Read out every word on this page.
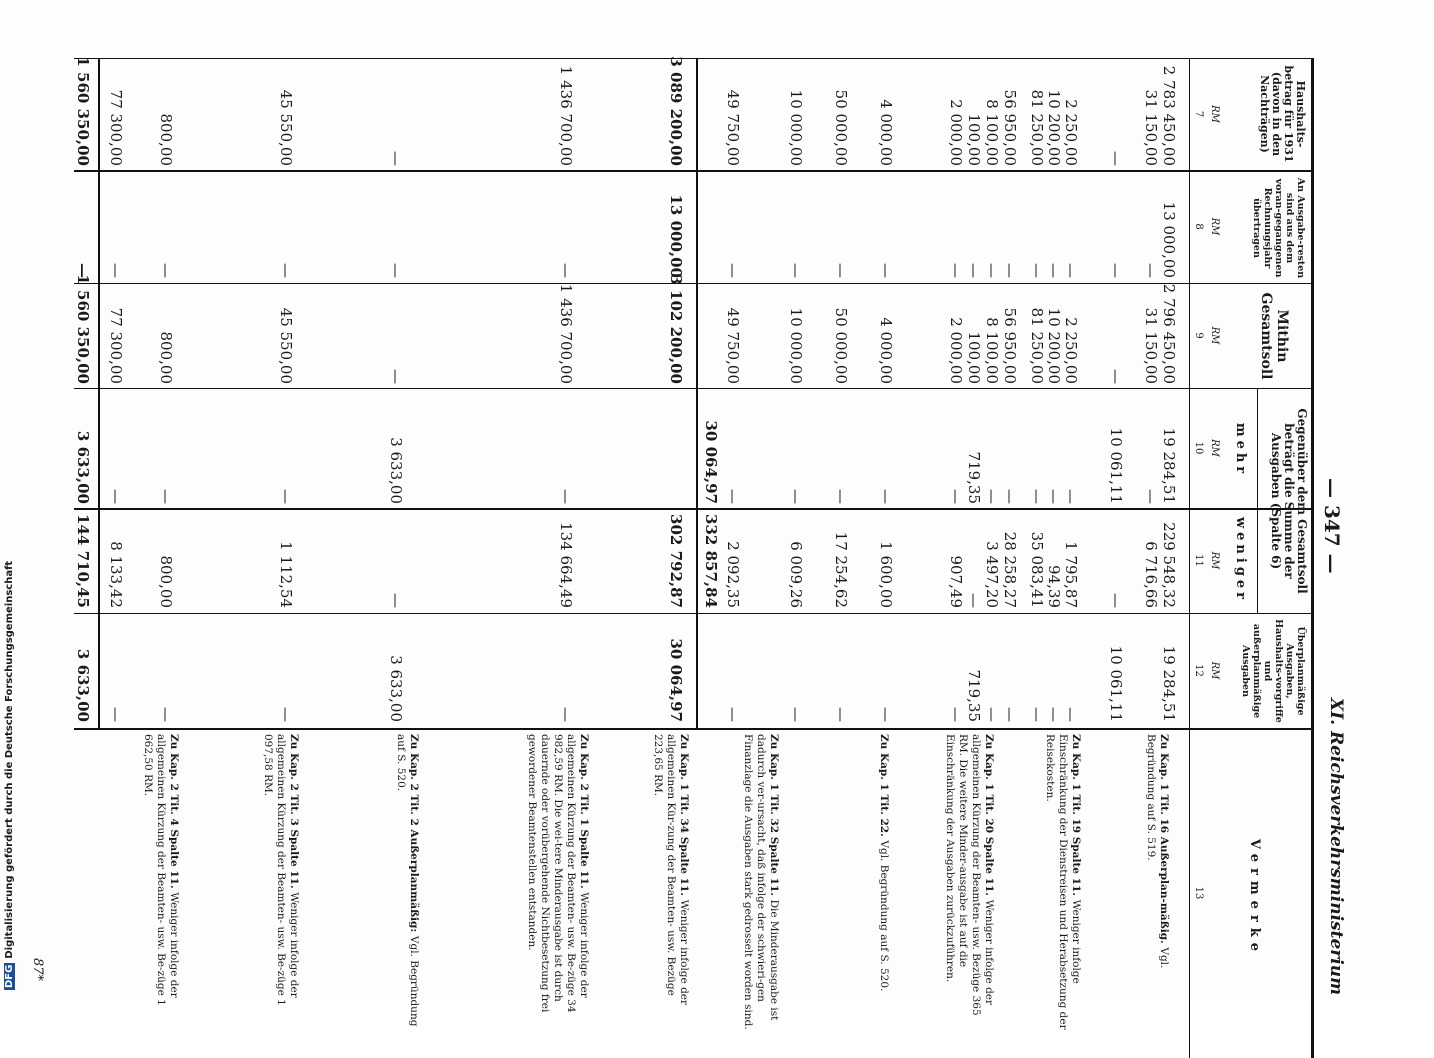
DFGDigitalisierung gefördert durch die Deutsche Forschungsgemeinschaft
— 347 —
XI. Reichsverkehrsministerium
Haushalts-betrag für 1931 (davon in den Nachträgen)
An Ausgabe-resten sind aus dem voran-gegangenen Rechnungsjahr übertragen
Mithin Gesamtsoll
Gegenüber dem Gesamtsoll beträgt die Summe der Ausgaben (Spalte 6)
mehr
weniger
Überplanmäßige Ausgaben, Haushalts-vorgriffe und außerplanmäßige Ausgaben
Vermerke
RM
RM
RM
RM
RM
RM
7
8
9
10
11
12
13
2 783 450,00
13 000,00
2 796 450,00
19 284,51
229 548,32
19 284,51
31 150,00
—
31 150,00
—
6 716,66
—
—
—
10 061,11
—
10 061,11
2 250,00
—
2 250,00
—
1 795,87
—
10 200,00
—
10 200,00
—
94,39
—
81 250,00
—
81 250,00
—
35 083,41
—
56 950,00
—
56 950,00
—
28 258,27
—
8 100,00
—
8 100,00
—
3 497,20
—
100,00
—
100,00
719,35
—
719,35
2 000,00
—
2 000,00
—
907,49
—
4 000,00
—
4 000,00
—
1 600,00
—
50 000,00
—
50 000,00
—
17 254,62
—
10 000,00
—
10 000,00
—
6 009,26
—
49 750,00
—
49 750,00
—
2 092,35
—
3 089 200,00
13 000,00
3 102 200,00
30 064,97
332 857,84
302 792,87
30 064,97
1 436 700,00
—
1 436 700,00
—
134 664,49
—
—
—
—
3 633,00
—
3 633,00
45 550,00
—
45 550,00
—
1 112,54
—
800,00
—
800,00
—
800,00
—
77 300,00
—
77 300,00
—
8 133,42
—
1 560 350,00
—
1 560 350,00
3 633,00
144 710,45
3 633,00
Zu Kap. 1 Tit. 16 Außerplan-mäßig. Vgl. Begründung auf S. 519.
Zu Kap. 1 Tit. 19 Spalte 11. Weniger infolge Einschränkung der Dienstreisen und Herabsetzung der Reisekosten.
Zu Kap. 1 Tit. 20 Spalte 11. Weniger infolge der allgemeinen Kürzung der Beamten- usw. Bezüge 365 RM. Die weitere Minder-ausgabe ist auf die Einschränkung der Ausgaben zurückzuführen.
Zu Kap. 1 Tit. 22. Vgl. Begründung auf S. 520.
Zu Kap. 1 Tit. 32 Spalte 11. Die Minderausgabe ist dadurch ver-ursacht, daß infolge der schwieri-gen Finanzlage die Ausgaben stark gedrosselt worden sind.
Zu Kap. 1 Tit. 34 Spalte 11. Weniger infolge der allgemeinen Kür-zung der Beamten- usw. Bezüge 223,65 RM.
Zu Kap. 2 Tit. 1 Spalte 11. Weniger infolge der allgemeinen Kürzung der Beamten- usw. Be-züge 34 982,59 RM. Die wei-tere Minderausgabe ist durch dauernde oder vorübergehende Nichtbesetzung frei gewordener Beamtenstellen entstanden.
Zu Kap. 2 Tit. 2 Außerplanmäßig: Vgl. Begründung auf S. 520.
Zu Kap. 2 Tit. 3 Spalte 11. Weniger infolge der allgemeinen Kürzung der Beamten- usw. Be-züge 1 097,58 RM.
Zu Kap. 2 Tit. 4 Spalte 11. Weniger infolge der allgemeinen Kürzung der Beamten- usw. Be-züge 1 662,50 RM.
87*
